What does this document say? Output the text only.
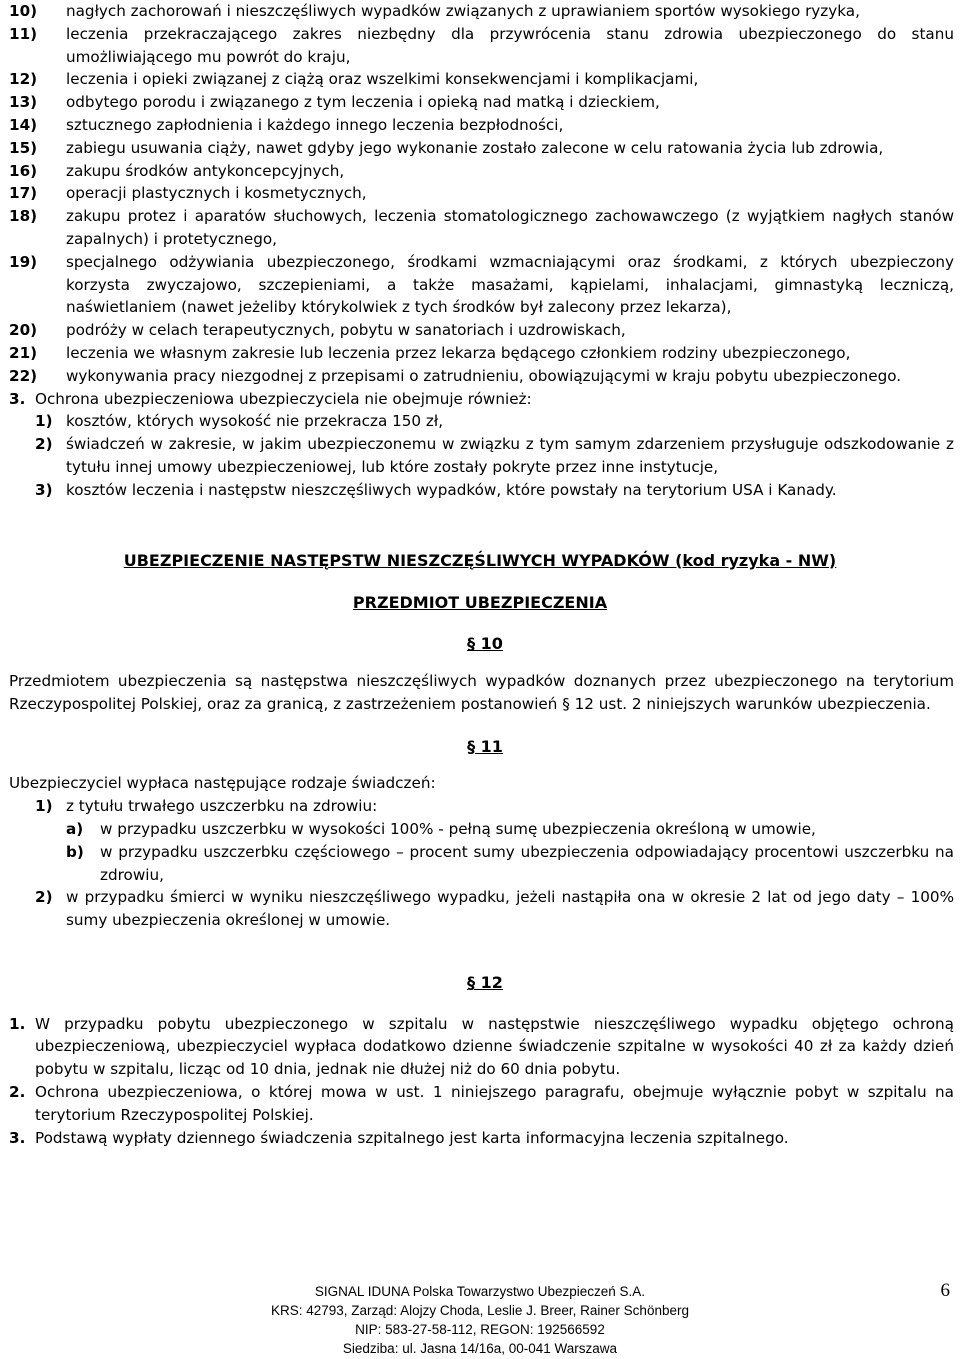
10) nagłych zachorowań i nieszczęśliwych wypadków związanych z uprawianiem sportów wysokiego ryzyka,
11) leczenia przekraczającego zakres niezbędny dla przywrócenia stanu zdrowia ubezpieczonego do stanu umożliwiającego mu powrót do kraju,
12) leczenia i opieki związanej z ciążą oraz wszelkimi konsekwencjami i komplikacjami,
13) odbytego porodu i związanego z tym leczenia i opieką nad matką i dzieckiem,
14) sztucznego zapłodnienia i każdego innego leczenia bezpłodności,
15) zabiegu usuwania ciąży, nawet gdyby jego wykonanie zostało zalecone w celu ratowania życia lub zdrowia,
16) zakupu środków antykoncepcyjnych,
17) operacji plastycznych i kosmetycznych,
18) zakupu protez i aparatów słuchowych, leczenia stomatologicznego zachowawczego (z wyjątkiem nagłych stanów zapalnych) i protetycznego,
19) specjalnego odżywiania ubezpieczonego, środkami wzmacniającymi oraz środkami, z których ubezpieczony korzysta zwyczajowo, szczepieniami, a także masażami, kąpielami, inhalacjami, gimnastyką leczniczą, naświetlaniem (nawet jeżeliby którykolwiek z tych środków był zalecony przez lekarza),
20) podróży w celach terapeutycznych, pobytu w sanatoriach i uzdrowiskach,
21) leczenia we własnym zakresie lub leczenia przez lekarza będącego członkiem rodziny ubezpieczonego,
22) wykonywania pracy niezgodnej z przepisami o zatrudnieniu, obowiązującymi w kraju pobytu ubezpieczonego.
3. Ochrona ubezpieczeniowa ubezpieczyciela nie obejmuje również:
1) kosztów, których wysokość nie przekracza 150 zł,
2) świadczeń w zakresie, w jakim ubezpieczonemu w związku z tym samym zdarzeniem przysługuje odszkodowanie z tytułu innej umowy ubezpieczeniowej, lub które zostały pokryte przez inne instytucje,
3) kosztów leczenia i następstw nieszczęśliwych wypadków, które powstały na terytorium USA i Kanady.
UBEZPIECZENIE NASTĘPSTW NIESZCZĘŚLIWYCH WYPADKÓW (kod ryzyka - NW)
PRZEDMIOT UBEZPIECZENIA
§ 10
Przedmiotem ubezpieczenia są następstwa nieszczęśliwych wypadków doznanych przez ubezpieczonego na terytorium Rzeczypospolitej Polskiej, oraz za granicą, z zastrzeżeniem postanowień § 12 ust. 2 niniejszych warunków ubezpieczenia.
§ 11
Ubezpieczyciel wypłaca następujące rodzaje świadczeń:
1) z tytułu trwałego uszczerbku na zdrowiu:
a) w przypadku uszczerbku w wysokości 100% - pełną sumę ubezpieczenia określoną w umowie,
b) w przypadku uszczerbku częściowego – procent sumy ubezpieczenia odpowiadający procentowi uszczerbku na zdrowiu,
2) w przypadku śmierci w wyniku nieszczęśliwego wypadku, jeżeli nastąpiła ona w okresie 2 lat od jego daty – 100% sumy ubezpieczenia określonej w umowie.
§ 12
1. W przypadku pobytu ubezpieczonego w szpitalu w następstwie nieszczęśliwego wypadku objętego ochroną ubezpieczeniową, ubezpieczyciel wypłaca dodatkowo dzienne świadczenie szpitalne w wysokości 40 zł za każdy dzień pobytu w szpitalu, licząc od 10 dnia, jednak nie dłużej niż do 60 dnia pobytu.
2. Ochrona ubezpieczeniowa, o której mowa w ust. 1 niniejszego paragrafu, obejmuje wyłącznie pobyt w szpitalu na terytorium Rzeczypospolitej Polskiej.
3. Podstawą wypłaty dziennego świadczenia szpitalnego jest karta informacyjna leczenia szpitalnego.
SIGNAL IDUNA Polska Towarzystwo Ubezpieczeń S.A.
KRS: 42793, Zarząd: Alojzy Choda, Leslie J. Breer, Rainer Schönberg
NIP: 583-27-58-112, REGON: 192566592
Siedziba: ul. Jasna 14/16a, 00-041 Warszawa
6
